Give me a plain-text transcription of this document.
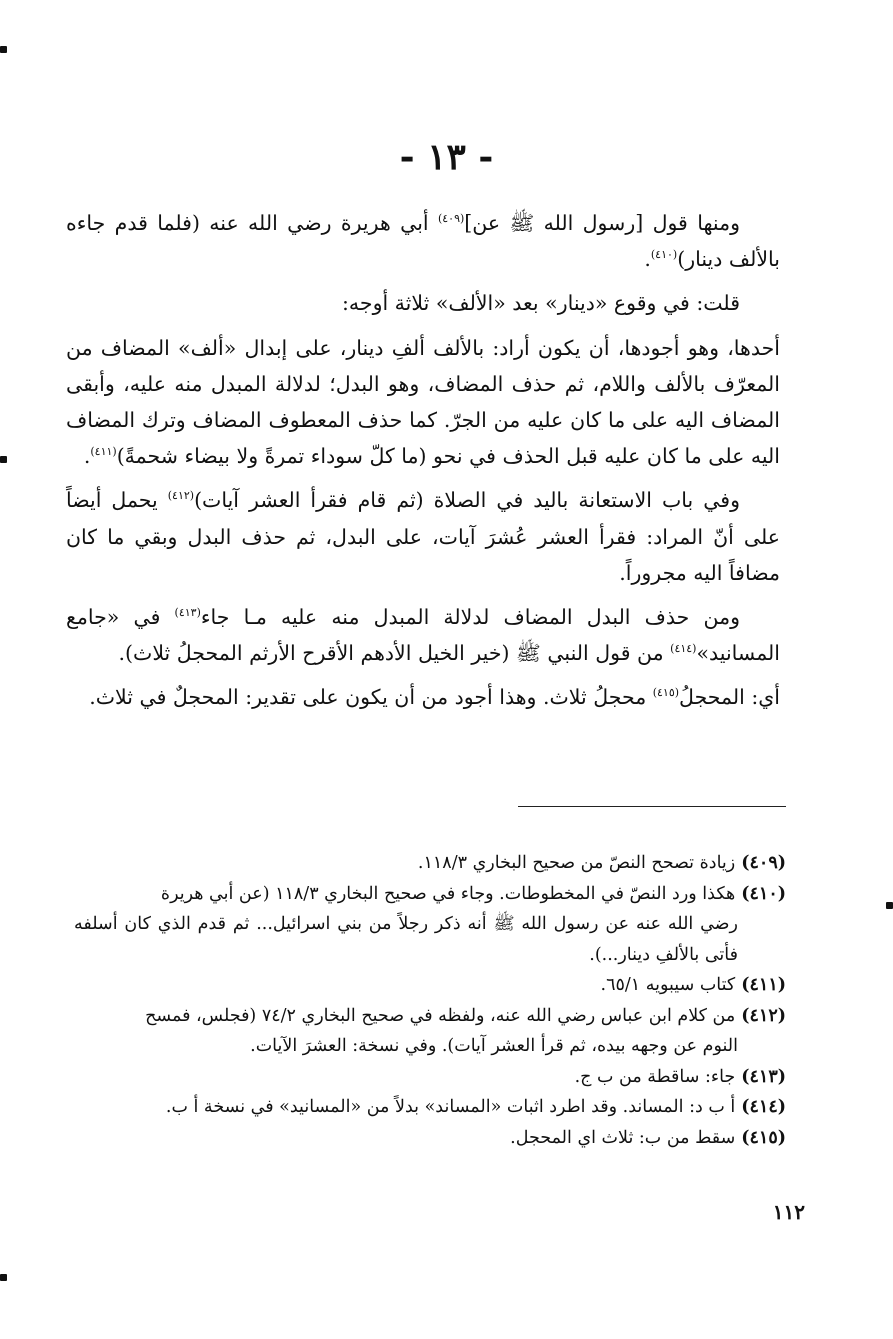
- ١٣ -

ومنها قول [رسول الله ﷺ عن]$^{(٤٠٩)}$ أبي هريرة رضي الله عنه (فلما قدم جاءه بالألف دينار)$^{(٤١٠)}$.

قلت: في وقوع «دينار» بعد «الألف» ثلاثة أوجه:

أحدها، وهو أجودها، أن يكون أراد: بالألف ألفِ دينار، على إبدال «ألف» المضاف من المعرّف بالألف واللام، ثم حذف المضاف، وهو البدل؛ لدلالة المبدل منه عليه، وأبقى المضاف اليه على ما كان عليه من الجرّ. كما حذف المعطوف المضاف وترك المضاف اليه على ما كان عليه قبل الحذف في نحو (ما كلّ سوداء تمرةً ولا بيضاء شحمةً)$^{(٤١١)}$.

وفي باب الاستعانة باليد في الصلاة (ثم قام فقرأ العشر آيات)$^{(٤١٢)}$ يحمل أيضاً على أنّ المراد: فقرأ العشر عُشرَ آيات، على البدل، ثم حذف البدل وبقي ما كان مضافاً اليه مجروراً.

ومن حذف البدل المضاف لدلالة المبدل منه عليه مـا جاء$^{(٤١٣)}$ في «جامع المسانيد»$^{(٤١٤)}$ من قول النبي ﷺ (خير الخيل الأدهم الأقرح الأرثم المحجلُ ثلاث).

أي: المحجلُ$^{(٤١٥)}$ محجلُ ثلاث. وهذا أجود من أن يكون على تقدير: المحجلٌ في ثلاث.

(٤٠٩)زيادة تصحح النصّ من صحيح البخاري ١١٨/٣.
(٤١٠)هكذا ورد النصّ في المخطوطات. وجاء في صحيح البخاري ١١٨/٣ (عن أبي هريرة
رضي الله عنه عن رسول الله ﷺ أنه ذكر رجلاً من بني اسرائيل... ثم قدم الذي كان أسلفه فأتى بالألفِ دينار...).
(٤١١)كتاب سيبويه ٦٥/١.
(٤١٢)من كلام ابن عباس رضي الله عنه، ولفظه في صحيح البخاري ٧٤/٢ (فجلس، فمسح
النوم عن وجهه بيده، ثم قرأ العشر آيات). وفي نسخة: العشرَ الآيات.
(٤١٣)جاء: ساقطة من ب ج.
(٤١٤)أ ب د: المساند. وقد اطرد اثبات «المساند» بدلاً من «المسانيد» في نسخة أ ب.
(٤١٥)سقط من ب: ثلاث اي المحجل.
١١٢
